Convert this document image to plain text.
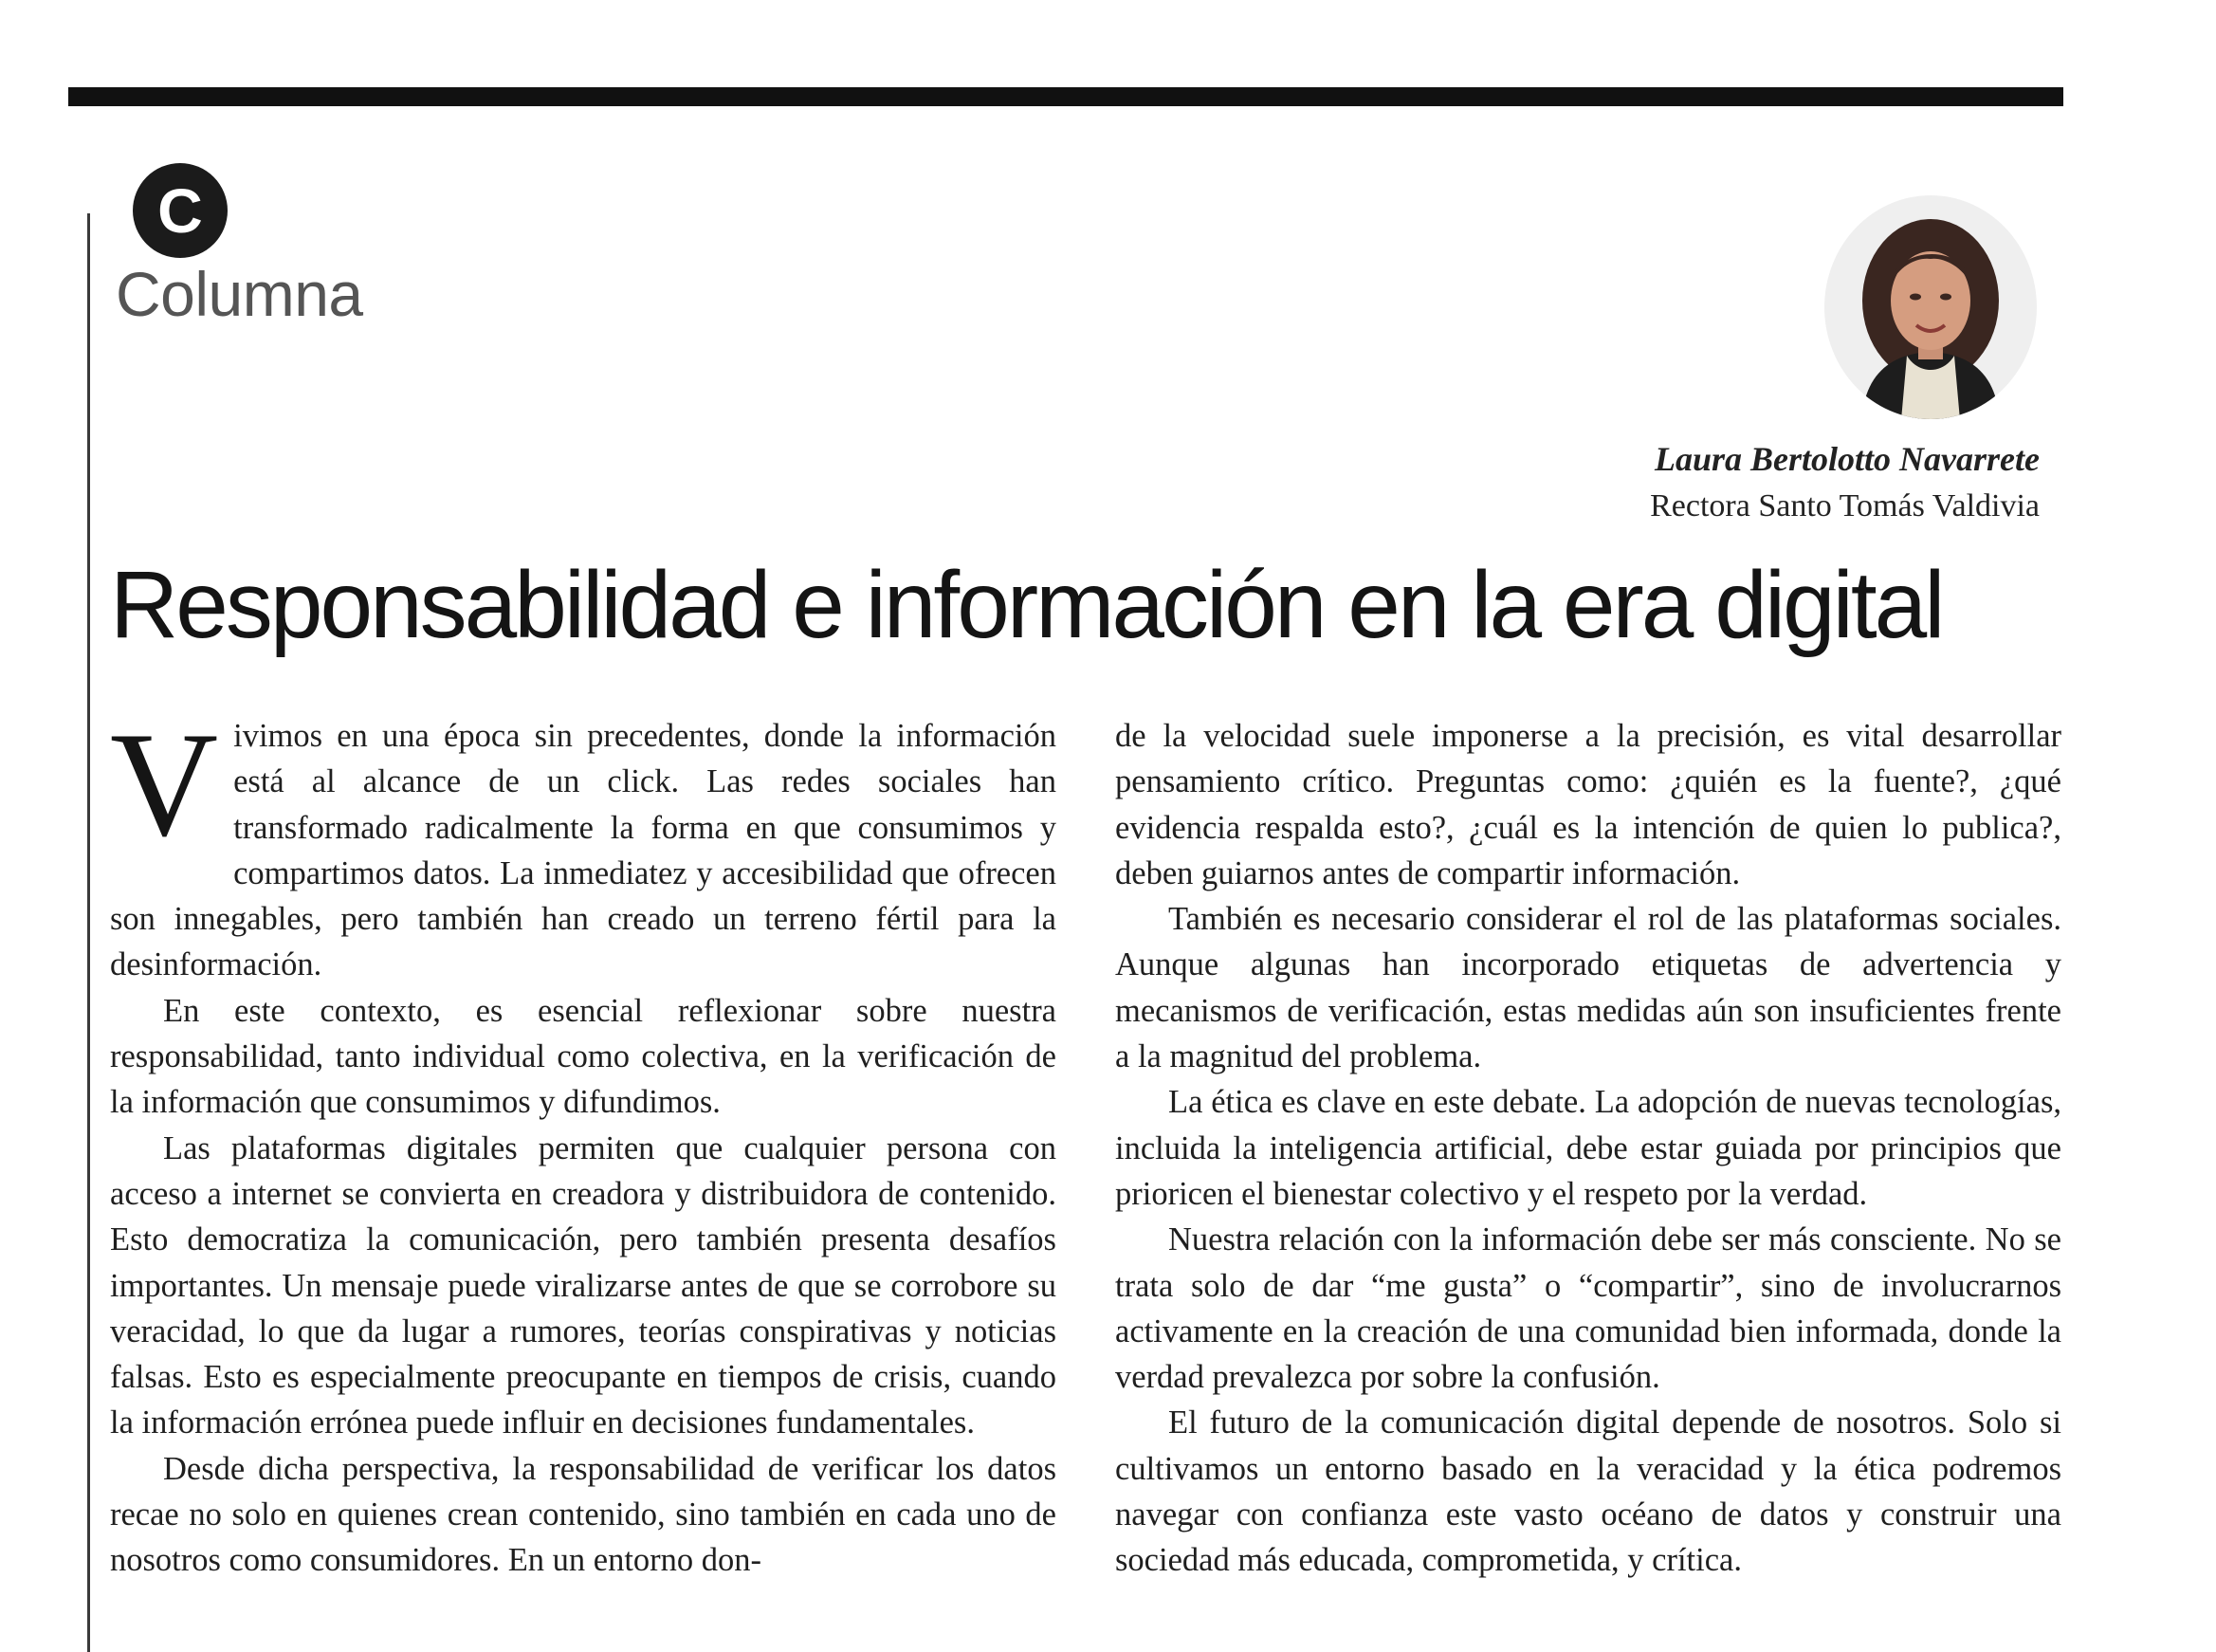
C
Columna
Laura Bertolotto Navarrete
Rectora Santo Tomás Valdivia
Responsabilidad e información en la era digital

Vivimos en una época sin precedentes, donde la información está al alcance de un click. Las redes sociales han transformado radicalmente la forma en que consumimos y compartimos datos. La inmediatez y accesibilidad que ofrecen son innegables, pero también han creado un terreno fértil para la desinformación.

En este contexto, es esencial reflexionar sobre nuestra responsabilidad, tanto individual como colectiva, en la verificación de la información que consumimos y difundimos.

Las plataformas digitales permiten que cualquier persona con acceso a internet se convierta en creadora y distribuidora de contenido. Esto democratiza la comunicación, pero también presenta desafíos importantes. Un mensaje puede viralizarse antes de que se corrobore su veracidad, lo que da lugar a rumores, teorías conspirativas y noticias falsas. Esto es especialmente preocupante en tiempos de crisis, cuando la información errónea puede influir en decisiones fundamentales.

Desde dicha perspectiva, la responsabilidad de verificar los datos recae no solo en quienes crean contenido, sino también en cada uno de nosotros como consumidores. En un entorno don-

de la velocidad suele imponerse a la precisión, es vital desarrollar pensamiento crítico. Preguntas como: ¿quién es la fuente?, ¿qué evidencia respalda esto?, ¿cuál es la intención de quien lo publica?, deben guiarnos antes de compartir información.

También es necesario considerar el rol de las plataformas sociales. Aunque algunas han incorporado etiquetas de advertencia y mecanismos de verificación, estas medidas aún son insuficientes frente a la magnitud del problema.

La ética es clave en este debate. La adopción de nuevas tecnologías, incluida la inteligencia artificial, debe estar guiada por principios que prioricen el bienestar colectivo y el respeto por la verdad.

Nuestra relación con la información debe ser más consciente. No se trata solo de dar “me gusta” o “compartir”, sino de involucrarnos activamente en la creación de una comunidad bien informada, donde la verdad prevalezca por sobre la confusión.

El futuro de la comunicación digital depende de nosotros. Solo si cultivamos un entorno basado en la veracidad y la ética podremos navegar con confianza este vasto océano de datos y construir una sociedad más educada, comprometida, y crítica.
